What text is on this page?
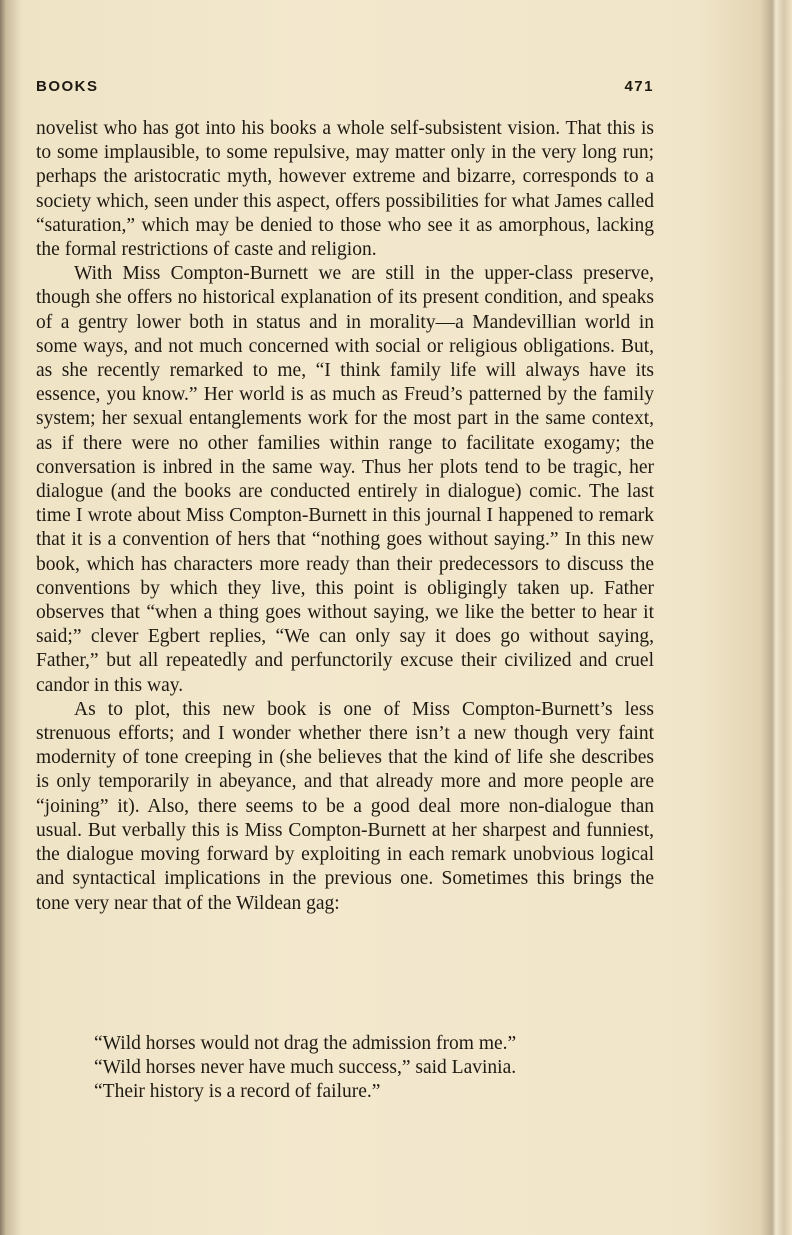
BOOKS	471

novelist who has got into his books a whole self-subsistent vision. That this is to some implausible, to some repulsive, may matter only in the very long run; perhaps the aristocratic myth, however extreme and bizarre, corresponds to a society which, seen under this aspect, offers possibilities for what James called “saturation,” which may be denied to those who see it as amorphous, lacking the formal restrictions of caste and religion.

With Miss Compton-Burnett we are still in the upper-class preserve, though she offers no historical explanation of its present condition, and speaks of a gentry lower both in status and in morality—a Mandevillian world in some ways, and not much concerned with social or religious obligations. But, as she recently remarked to me, “I think family life will always have its essence, you know.” Her world is as much as Freud’s patterned by the family system; her sexual entanglements work for the most part in the same context, as if there were no other families within range to facilitate exogamy; the conversation is inbred in the same way. Thus her plots tend to be tragic, her dialogue (and the books are conducted entirely in dialogue) comic. The last time I wrote about Miss Compton-Burnett in this journal I happened to remark that it is a convention of hers that “nothing goes without saying.” In this new book, which has characters more ready than their predecessors to discuss the conventions by which they live, this point is obligingly taken up. Father observes that “when a thing goes without saying, we like the better to hear it said;” clever Egbert replies, “We can only say it does go without saying, Father,” but all repeatedly and perfunctorily excuse their civilized and cruel candor in this way.

As to plot, this new book is one of Miss Compton-Burnett’s less strenuous efforts; and I wonder whether there isn’t a new though very faint modernity of tone creeping in (she believes that the kind of life she describes is only temporarily in abeyance, and that already more and more people are “joining” it). Also, there seems to be a good deal more non-dialogue than usual. But verbally this is Miss Compton-Burnett at her sharpest and funniest, the dialogue moving forward by exploiting in each remark unobvious logical and syntactical implications in the previous one. Sometimes this brings the tone very near that of the Wildean gag:

“Wild horses would not drag the admission from me.”
“Wild horses never have much success,” said Lavinia.
“Their history is a record of failure.”
